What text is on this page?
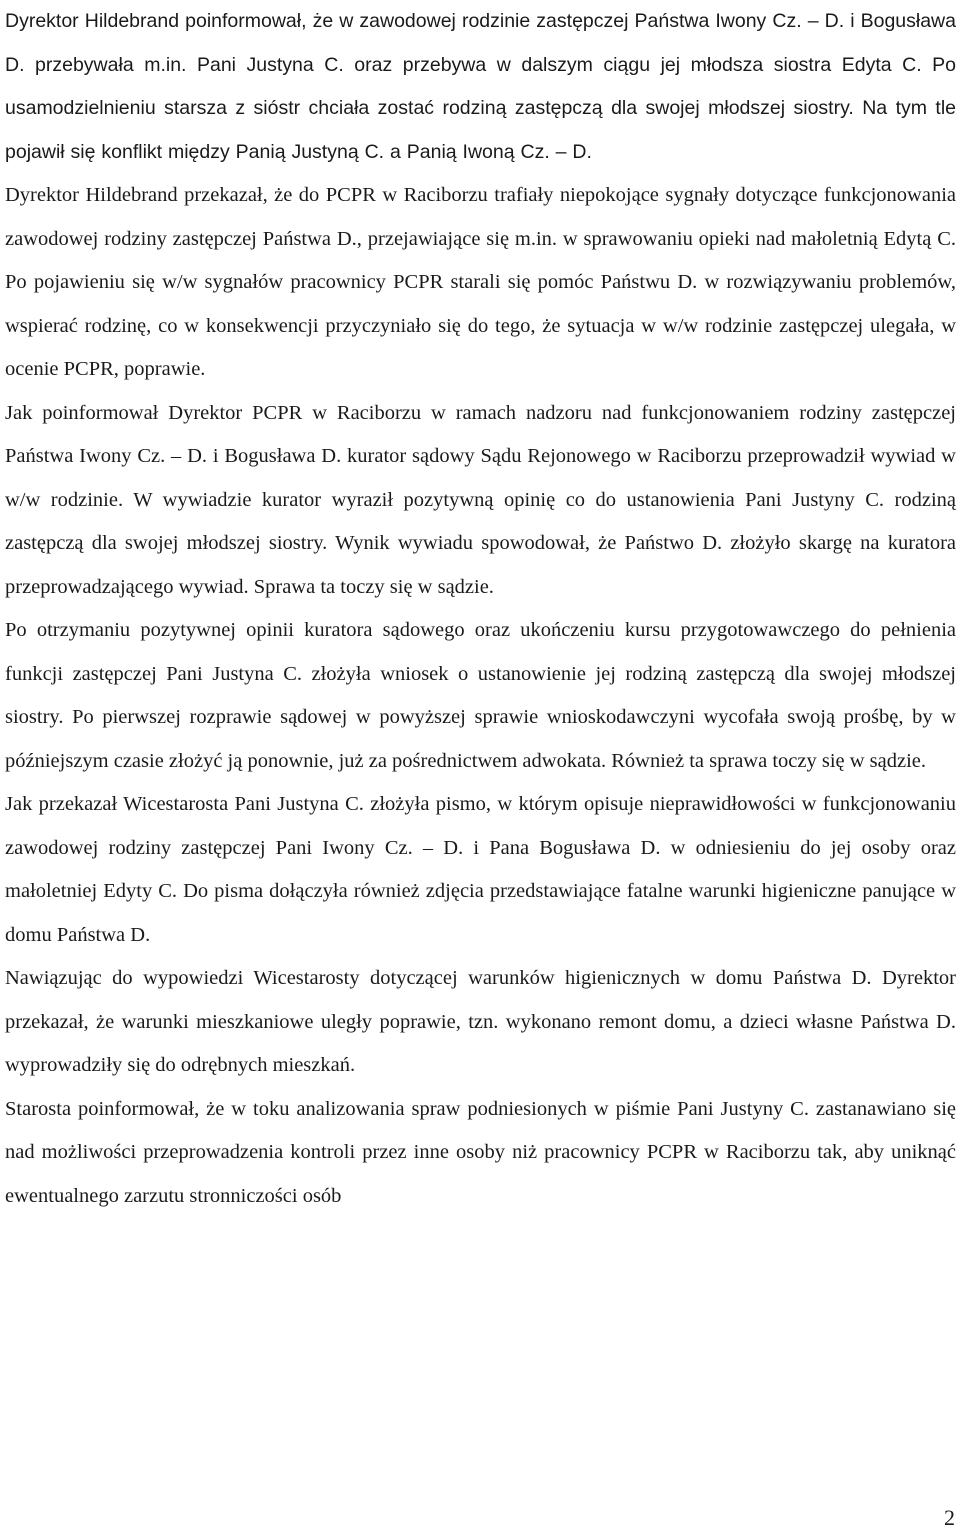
Dyrektor Hildebrand poinformował, że w zawodowej rodzinie zastępczej Państwa Iwony Cz. – D. i Bogusława D. przebywała m.in. Pani Justyna C. oraz przebywa w dalszym ciągu jej młodsza siostra Edyta C. Po usamodzielnieniu starsza z sióstr chciała zostać rodziną zastępczą dla swojej młodszej siostry. Na tym tle pojawił się konflikt między Panią Justyną C. a Panią Iwoną Cz. – D.

Dyrektor Hildebrand przekazał, że do PCPR w Raciborzu trafiały niepokojące sygnały dotyczące funkcjonowania zawodowej rodziny zastępczej Państwa D., przejawiające się m.in. w sprawowaniu opieki nad małoletnią Edytą C. Po pojawieniu się w/w sygnałów pracownicy PCPR starali się pomóc Państwu D. w rozwiązywaniu problemów, wspierać rodzinę, co w konsekwencji przyczyniało się do tego, że sytuacja w w/w rodzinie zastępczej ulegała, w ocenie PCPR, poprawie.

Jak poinformował Dyrektor PCPR w Raciborzu w ramach nadzoru nad funkcjonowaniem rodziny zastępczej Państwa Iwony Cz. – D. i Bogusława D. kurator sądowy Sądu Rejonowego w Raciborzu przeprowadził wywiad w w/w rodzinie. W wywiadzie kurator wyraził pozytywną opinię co do ustanowienia Pani Justyny C. rodziną zastępczą dla swojej młodszej siostry. Wynik wywiadu spowodował, że Państwo D. złożyło skargę na kuratora przeprowadzającego wywiad. Sprawa ta toczy się w sądzie.

Po otrzymaniu pozytywnej opinii kuratora sądowego oraz ukończeniu kursu przygotowawczego do pełnienia funkcji zastępczej Pani Justyna C. złożyła wniosek o ustanowienie jej rodziną zastępczą dla swojej młodszej siostry. Po pierwszej rozprawie sądowej w powyższej sprawie wnioskodawczyni wycofała swoją prośbę, by w późniejszym czasie złożyć ją ponownie, już za pośrednictwem adwokata. Również ta sprawa toczy się w sądzie.

Jak przekazał Wicestarosta Pani Justyna C. złożyła pismo, w którym opisuje nieprawidłowości w funkcjonowaniu zawodowej rodziny zastępczej Pani Iwony Cz. – D. i Pana Bogusława D. w odniesieniu do jej osoby oraz małoletniej Edyty C. Do pisma dołączyła również zdjęcia przedstawiające fatalne warunki higieniczne panujące w domu Państwa D.

Nawiązując do wypowiedzi Wicestarosty dotyczącej warunków higienicznych w domu Państwa D. Dyrektor przekazał, że warunki mieszkaniowe uległy poprawie, tzn. wykonano remont domu, a dzieci własne Państwa D. wyprowadziły się do odrębnych mieszkań.

Starosta poinformował, że w toku analizowania spraw podniesionych w piśmie Pani Justyny C. zastanawiano się nad możliwości przeprowadzenia kontroli przez inne osoby niż pracownicy PCPR w Raciborzu tak, aby uniknąć ewentualnego zarzutu stronniczości osób

2
